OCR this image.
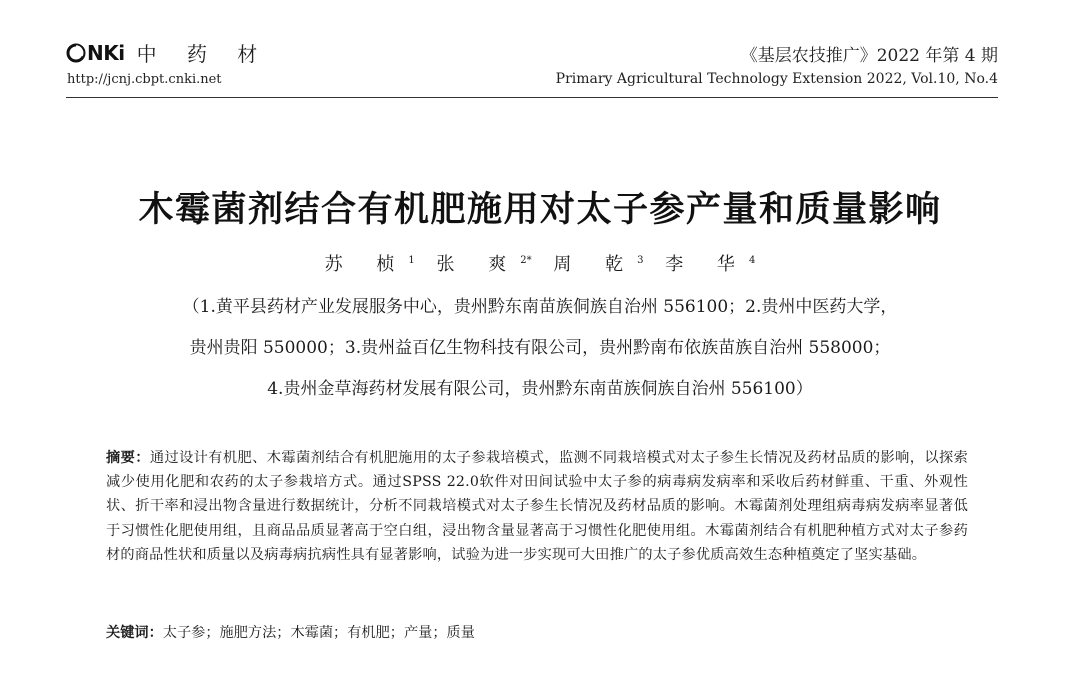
NKi 中 药 材
http://jcnj.cbpt.cnki.net
《基层农技推广》2022 年第 4 期
Primary Agricultural Technology Extension 2022, Vol.10, No.4
木霉菌剂结合有机肥施用对太子参产量和质量影响
苏 桢$^1$ 张 爽$^{2*}$ 周 乾$^3$ 李 华$^4$
（1.黄平县药材产业发展服务中心，贵州黔东南苗族侗族自治州 556100；2.贵州中医药大学，
贵州贵阳 550000；3.贵州益百亿生物科技有限公司，贵州黔南布依族苗族自治州 558000；
4.贵州金草海药材发展有限公司，贵州黔东南苗族侗族自治州 556100）
摘要：通过设计有机肥、木霉菌剂结合有机肥施用的太子参栽培模式，监测不同栽培模式对太子参生长情况及药材品质的影响，以探索减少使用化肥和农药的太子参栽培方式。通过SPSS 22.0软件对田间试验中太子参的病毒病发病率和采收后药材鲜重、干重、外观性状、折干率和浸出物含量进行数据统计，分析不同栽培模式对太子参生长情况及药材品质的影响。木霉菌剂处理组病毒病发病率显著低于习惯性化肥使用组，且商品品质显著高于空白组，浸出物含量显著高于习惯性化肥使用组。木霉菌剂结合有机肥种植方式对太子参药材的商品性状和质量以及病毒病抗病性具有显著影响，试验为进一步实现可大田推广的太子参优质高效生态种植奠定了坚实基础。
关键词：太子参；施肥方法；木霉菌；有机肥；产量；质量
